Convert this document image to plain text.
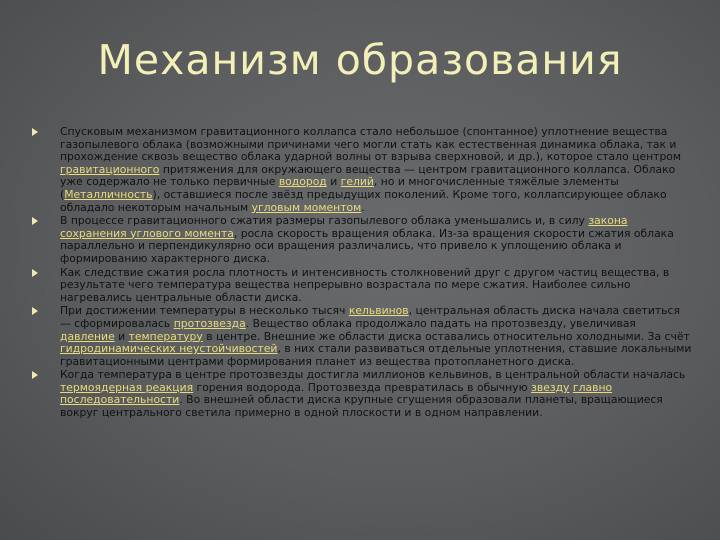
Механизм образования
Спусковым механизмом гравитационного коллапса стало небольшое (спонтанное) уплотнение вещества газопылевого облака (возможными причинами чего могли стать как естественная динамика облака, так и прохождение сквозь вещество облака ударной волны от взрыва сверхновой, и др.), которое стало центром гравитационного притяжения для окружающего вещества — центром гравитационного коллапса. Облако уже содержало не только первичные водород и гелий, но и многочисленные тяжёлые элементы (Металличность), оставшиеся после звёзд предыдущих поколений. Кроме того, коллапсирующее облако обладало некоторым начальным угловым моментом.
В процессе гравитационного сжатия размеры газопылевого облака уменьшались и, в силу закона сохранения углового момента, росла скорость вращения облака. Из-за вращения скорости сжатия облака параллельно и перпендикулярно оси вращения различались, что привело к уплощению облака и формированию характерного диска.
Как следствие сжатия росла плотность и интенсивность столкновений друг с другом частиц вещества, в результате чего температура вещества непрерывно возрастала по мере сжатия. Наиболее сильно нагревались центральные области диска.
При достижении температуры в несколько тысяч кельвинов, центральная область диска начала светиться — сформировалась протозвезда. Вещество облака продолжало падать на протозвезду, увеличивая давление и температуру в центре. Внешние же области диска оставались относительно холодными. За счёт гидродинамических неустойчивостей, в них стали развиваться отдельные уплотнения, ставшие локальными гравитационными центрами формирования планет из вещества протопланетного диска.
Когда температура в центре протозвезды достигла миллионов кельвинов, в центральной области началась термоядерная реакция горения водорода. Протозвезда превратилась в обычную звезду главно последовательности. Во внешней области диска крупные сгущения образовали планеты, вращающиеся вокруг центрального светила примерно в одной плоскости и в одном направлении.
